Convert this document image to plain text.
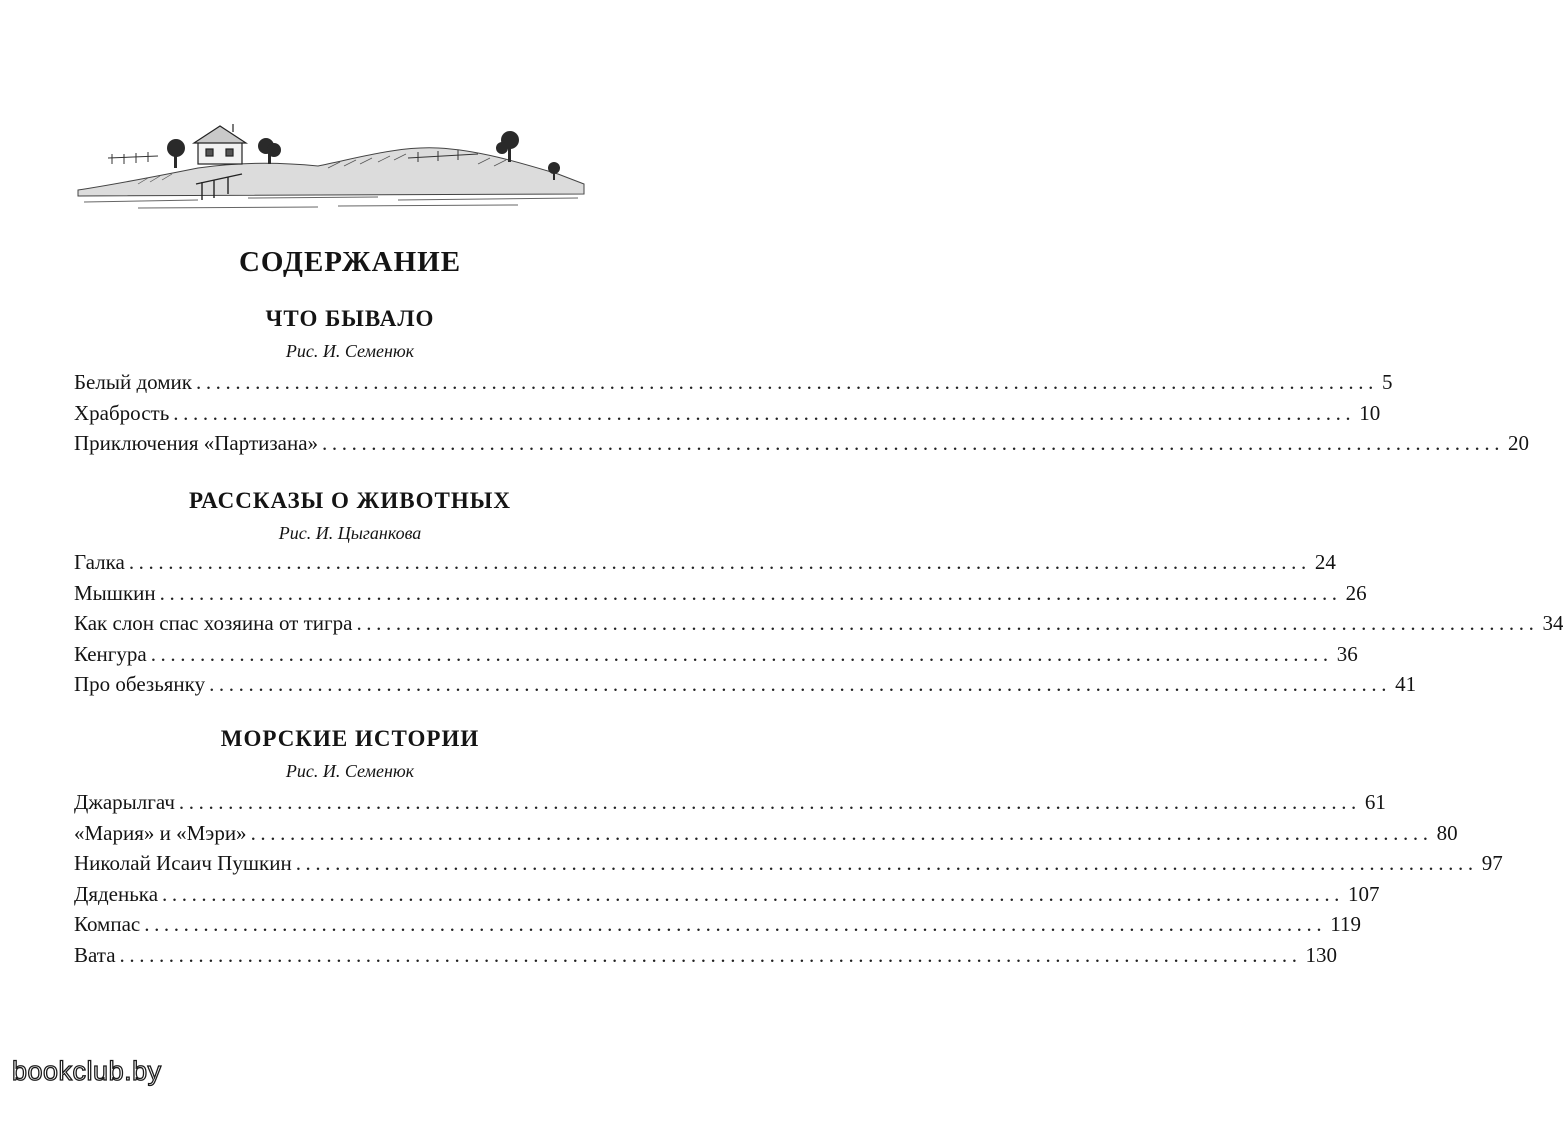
СОДЕРЖАНИЕ
ЧТО БЫВАЛО
Рис. И. Семенюк
Белый домик ........................................................................................................................ 5
Храбрость ........................................................................................................................ 10
Приключения «Партизана» ........................................................................................................................ 20
РАССКАЗЫ О ЖИВОТНЫХ
Рис. И. Цыганкова
Галка ........................................................................................................................ 24
Мышкин ........................................................................................................................ 26
Как слон спас хозяина от тигра ........................................................................................................................ 34
Кенгура ........................................................................................................................ 36
Про обезьянку ........................................................................................................................ 41
МОРСКИЕ ИСТОРИИ
Рис. И. Семенюк
Джарылгач ........................................................................................................................ 61
«Мария» и «Мэри» ........................................................................................................................ 80
Николай Исаич Пушкин ........................................................................................................................ 97
Дяденька ........................................................................................................................ 107
Компас ........................................................................................................................ 119
Вата ........................................................................................................................ 130
bookclub.by
